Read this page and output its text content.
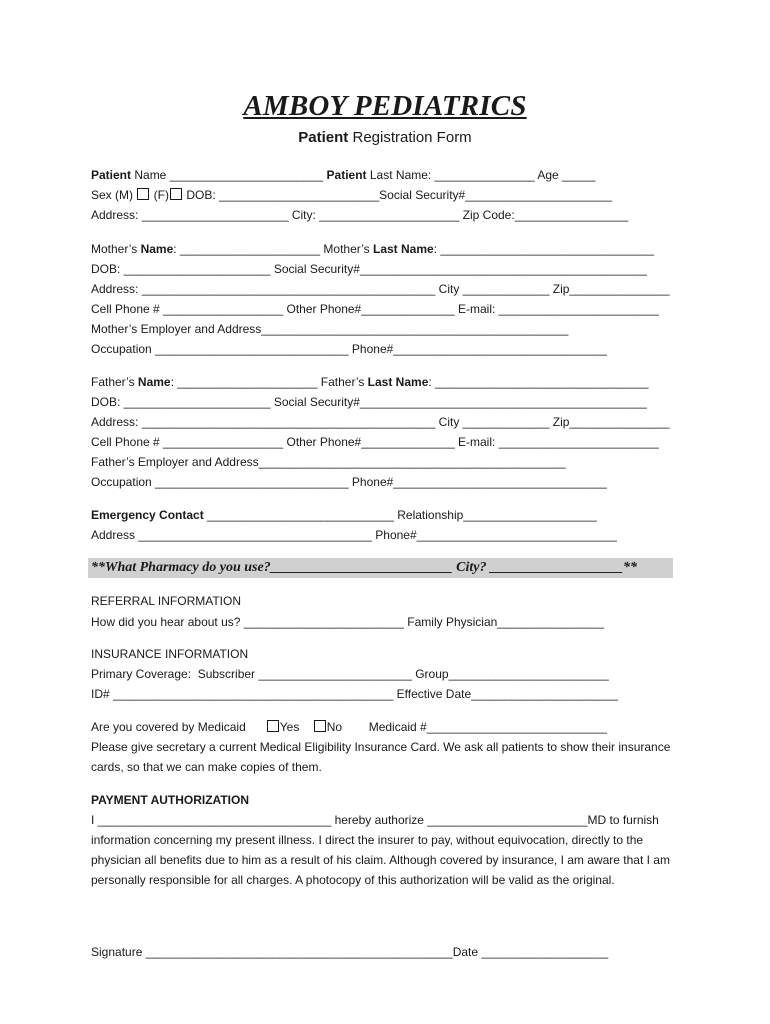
AMBOY PEDIATRICS
Patient Registration Form
Patient Name _______________________ Patient Last Name: _______________ Age _____
Sex (M)  (F) DOB: ________________________Social Security#______________________
Address: ______________________ City: _____________________ Zip Code:_________________
Mother’s Name: _____________________ Mother’s Last Name: ________________________________
DOB: ______________________ Social Security#___________________________________________
Address: ____________________________________________ City _____________ Zip_______________
Cell Phone # __________________ Other Phone#______________ E-mail: ________________________
Mother’s Employer and Address______________________________________________
Occupation _____________________________ Phone#________________________________
Father’s Name: _____________________ Father’s Last Name: ________________________________
DOB: ______________________ Social Security#___________________________________________
Address: ____________________________________________ City _____________ Zip_______________
Cell Phone # __________________ Other Phone#______________ E-mail: ________________________
Father’s Employer and Address______________________________________________
Occupation _____________________________ Phone#________________________________
Emergency Contact ____________________________ Relationship____________________
Address ___________________________________ Phone#______________________________
**What Pharmacy do you use?__________________________ City? ___________________**
REFERRAL INFORMATION
How did you hear about us? ________________________ Family Physician________________
INSURANCE INFORMATION
Primary Coverage:  Subscriber _______________________ Group________________________
ID# __________________________________________ Effective Date______________________
Are you covered by Medicaid	Yes No Medicaid #___________________________
Please give secretary a current Medical Eligibility Insurance Card. We ask all patients to show their insurance cards, so that we can make copies of them.
PAYMENT AUTHORIZATION
I ___________________________________ hereby authorize ________________________MD to furnish information concerning my present illness. I direct the insurer to pay, without equivocation, directly to the physician all benefits due to him as a result of his claim. Although covered by insurance, I am aware that I am personally responsible for all charges. A photocopy of this authorization will be valid as the original.
Signature ______________________________________________Date ___________________
